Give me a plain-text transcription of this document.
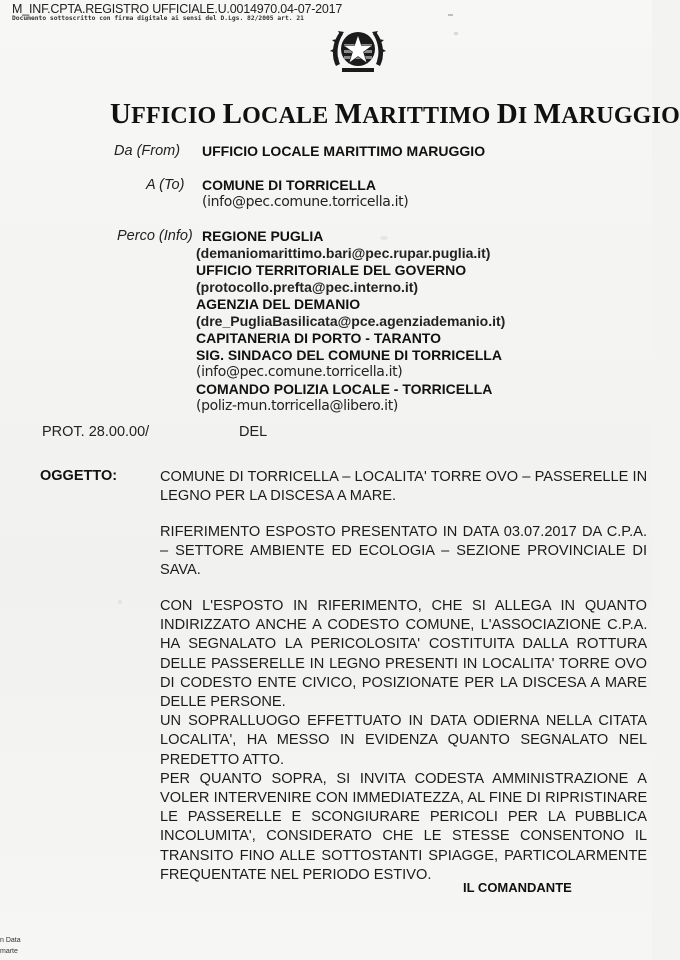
M_INF.CPTA.REGISTRO UFFICIALE.U.0014970.04-07-2017
Documento sottoscritto con firma digitale ai sensi del D.Lgs. 82/2005 art. 21
UFFICIO LOCALE MARITTIMO DI MARUGGIO
Da (From) UFFICIO LOCALE MARITTIMO MARUGGIO
A (To) COMUNE DI TORRICELLA
(info@pec.comune.torricella.it)
Perco (Info) REGIONE PUGLIA
(demaniomarittimo.bari@pec.rupar.puglia.it)
UFFICIO TERRITORIALE DEL GOVERNO
(protocollo.prefta@pec.interno.it)
AGENZIA DEL DEMANIO
(dre_PugliaBasilicata@pce.agenziademanio.it)
CAPITANERIA DI PORTO - TARANTO
SIG. SINDACO DEL COMUNE DI TORRICELLA
(info@pec.comune.torricella.it)
COMANDO POLIZIA LOCALE - TORRICELLA
(poliz-mun.torricella@libero.it)
PROT. 28.00.00/	DEL
OGGETTO:	COMUNE DI TORRICELLA – LOCALITA' TORRE OVO – PASSERELLE IN
LEGNO PER LA DISCESA A MARE.
RIFERIMENTO ESPOSTO PRESENTATO IN DATA 03.07.2017 DA C.P.A.
– SETTORE AMBIENTE ED ECOLOGIA – SEZIONE PROVINCIALE DI
SAVA.
CON L'ESPOSTO IN RIFERIMENTO, CHE SI ALLEGA IN QUANTO
INDIRIZZATO ANCHE A CODESTO COMUNE, L'ASSOCIAZIONE C.P.A.
HA SEGNALATO LA PERICOLOSITA' COSTITUITA DALLA ROTTURA
DELLE PASSERELLE IN LEGNO PRESENTI IN LOCALITA' TORRE OVO
DI CODESTO ENTE CIVICO, POSIZIONATE PER LA DISCESA A MARE
DELLE PERSONE.
UN SOPRALLUOGO EFFETTUATO IN DATA ODIERNA NELLA CITATA
LOCALITA', HA MESSO IN EVIDENZA QUANTO SEGNALATO NEL
PREDETTO ATTO.
PER QUANTO SOPRA, SI INVITA CODESTA AMMINISTRAZIONE A
VOLER INTERVENIRE CON IMMEDIATEZZA, AL FINE DI RIPRISTINARE
LE PASSERELLE E SCONGIURARE PERICOLI PER LA PUBBLICA
INCOLUMITA', CONSIDERATO CHE LE STESSE CONSENTONO IL
TRANSITO FINO ALLE SOTTOSTANTI SPIAGGE, PARTICOLARMENTE
FREQUENTATE NEL PERIODO ESTIVO.
IL COMANDANTE
n Data
marte
